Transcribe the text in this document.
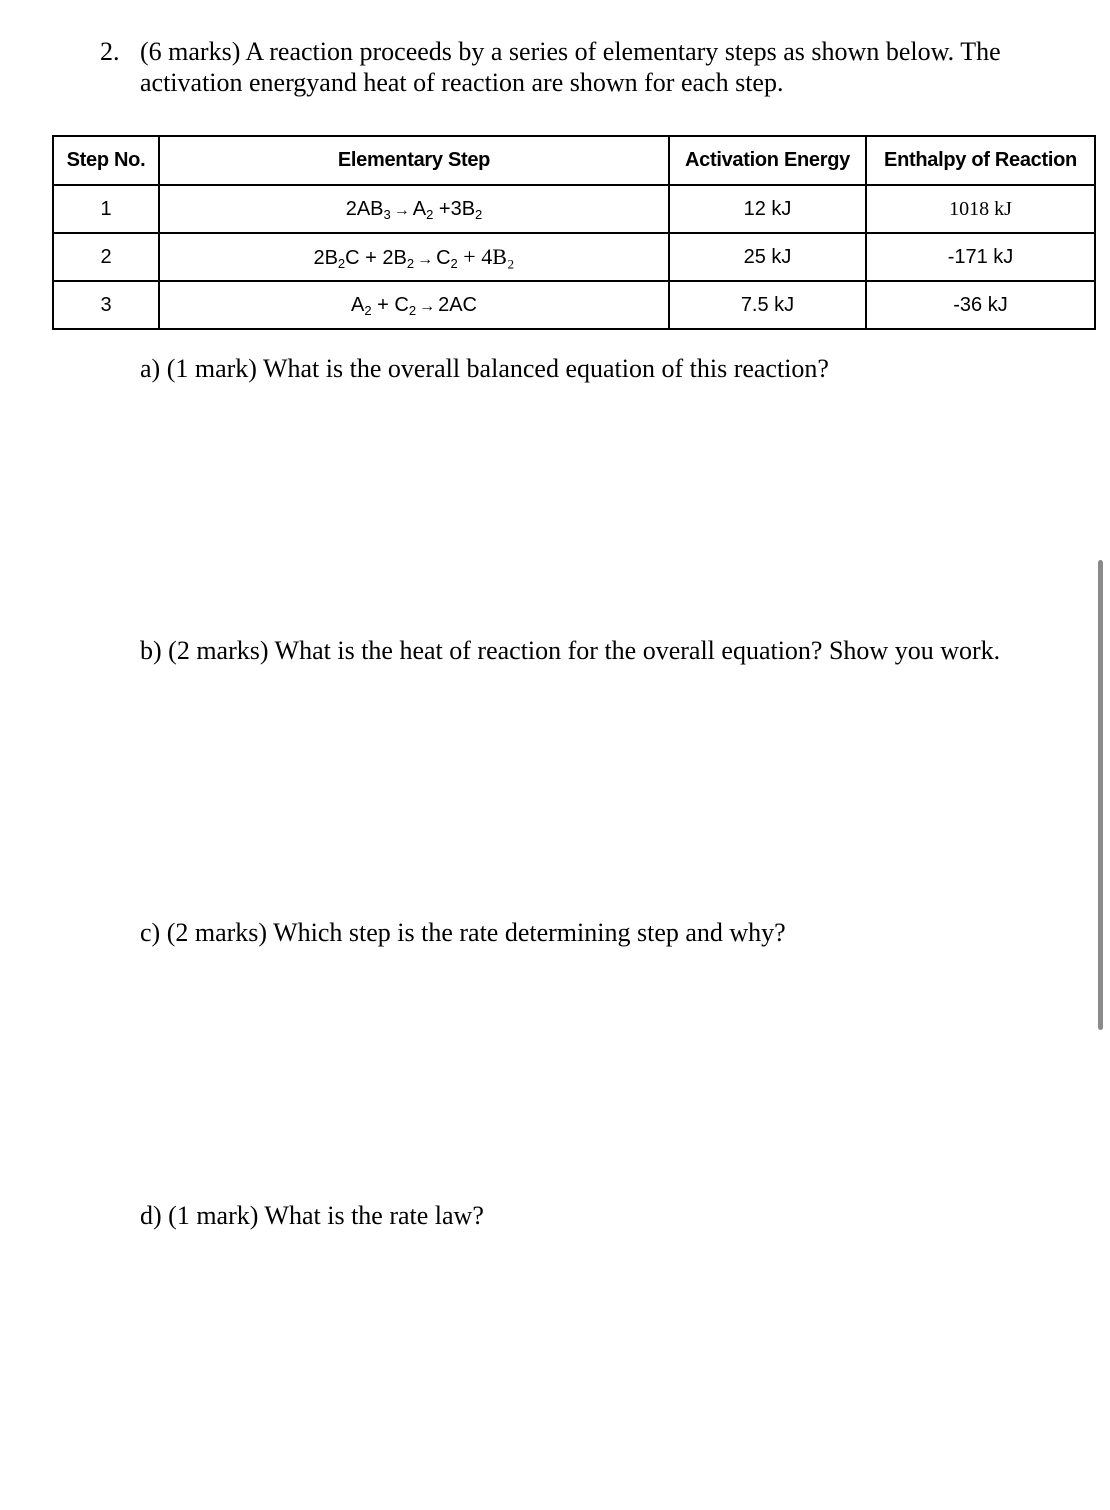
2. (6 marks) A reaction proceeds by a series of elementary steps as shown below. The
activation energyand heat of reaction are shown for each step.
Step No.	Elementary Step	Activation Energy	Enthalpy of Reaction
1	$2AB_3 \to A_2 +3B_2$	12 kJ	1018 kJ
2	$2B_2C + 2B_2 \to C_2 + 4B_2$	25 kJ	-171 kJ
3	$A_2 + C_2 \to 2AC$	7.5 kJ	-36 kJ
a) (1 mark) What is the overall balanced equation of this reaction?
b) (2 marks) What is the heat of reaction for the overall equation? Show you work.
c) (2 marks) Which step is the rate determining step and why?
d) (1 mark) What is the rate law?
